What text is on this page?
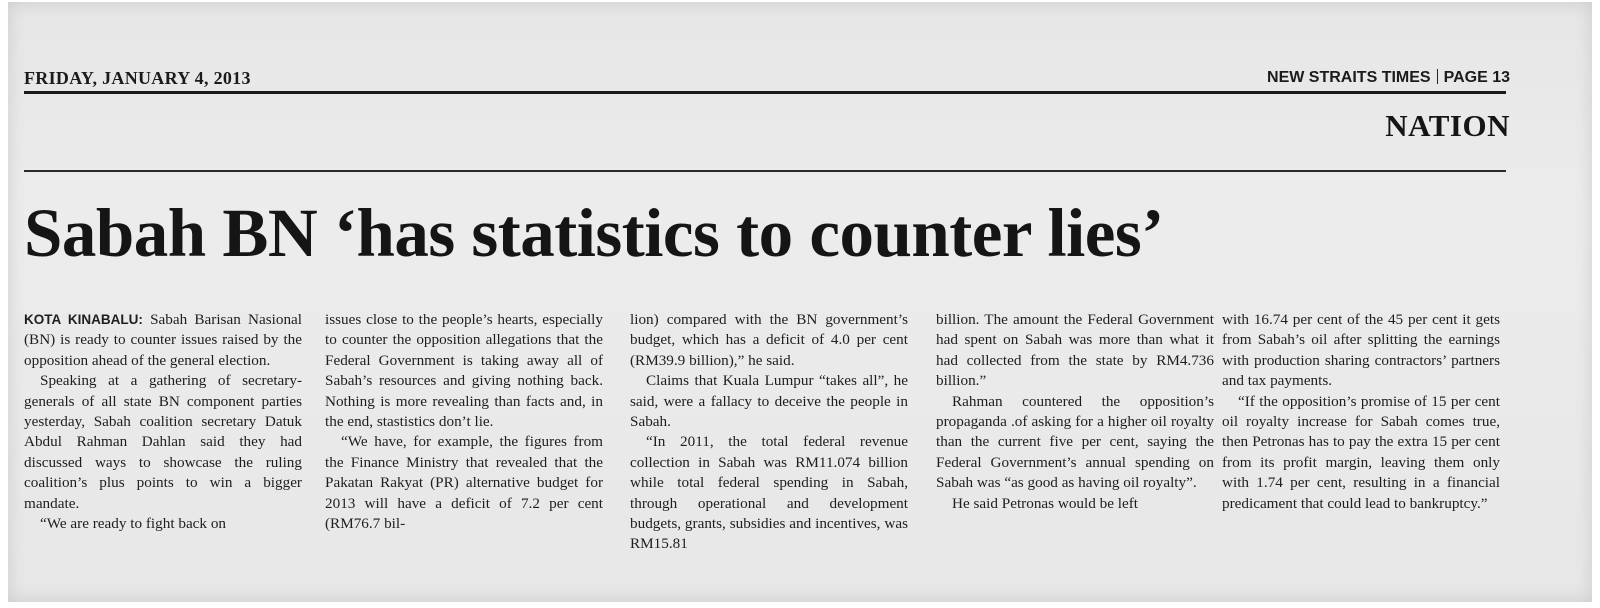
FRIDAY, JANUARY 4, 2013	NEW STRAITS TIMES PAGE 13
NATION
Sabah BN ‘has statistics to counter lies’

KOTA KINABALU: Sabah Barisan Nasional (BN) is ready to counter issues raised by the opposition ahead of the general election.

Speaking at a gathering of secretary-generals of all state BN component parties yesterday, Sabah coalition secretary Datuk Abdul Rahman Dahlan said they had discussed ways to showcase the ruling coalition’s plus points to win a bigger mandate.

“We are ready to fight back on

issues close to the people’s hearts, especially to counter the opposition allegations that the Federal Government is taking away all of Sabah’s resources and giving nothing back. Nothing is more revealing than facts and, in the end, stastistics don’t lie.

“We have, for example, the figures from the Finance Ministry that revealed that the Pakatan Rakyat (PR) alternative budget for 2013 will have a deficit of 7.2 per cent (RM76.7 bil-

lion) compared with the BN government’s budget, which has a deficit of 4.0 per cent (RM39.9 billion),” he said.

Claims that Kuala Lumpur “takes all”, he said, were a fallacy to deceive the people in Sabah.

“In 2011, the total federal revenue collection in Sabah was RM11.074 billion while total federal spending in Sabah, through operational and development budgets, grants, subsidies and incentives, was RM15.81

billion. The amount the Federal Government had spent on Sabah was more than what it had collected from the state by RM4.736 billion.”

Rahman countered the opposition’s propaganda .of asking for a higher oil royalty than the current five per cent, saying the Federal Government’s annual spending on Sabah was “as good as having oil royalty”.

He said Petronas would be left

with 16.74 per cent of the 45 per cent it gets from Sabah’s oil after splitting the earnings with production sharing contractors’ partners and tax payments.

“If the opposition’s promise of 15 per cent oil royalty increase for Sabah comes true, then Petronas has to pay the extra 15 per cent from its profit margin, leaving them only with 1.74 per cent, resulting in a financial predicament that could lead to bankruptcy.”
